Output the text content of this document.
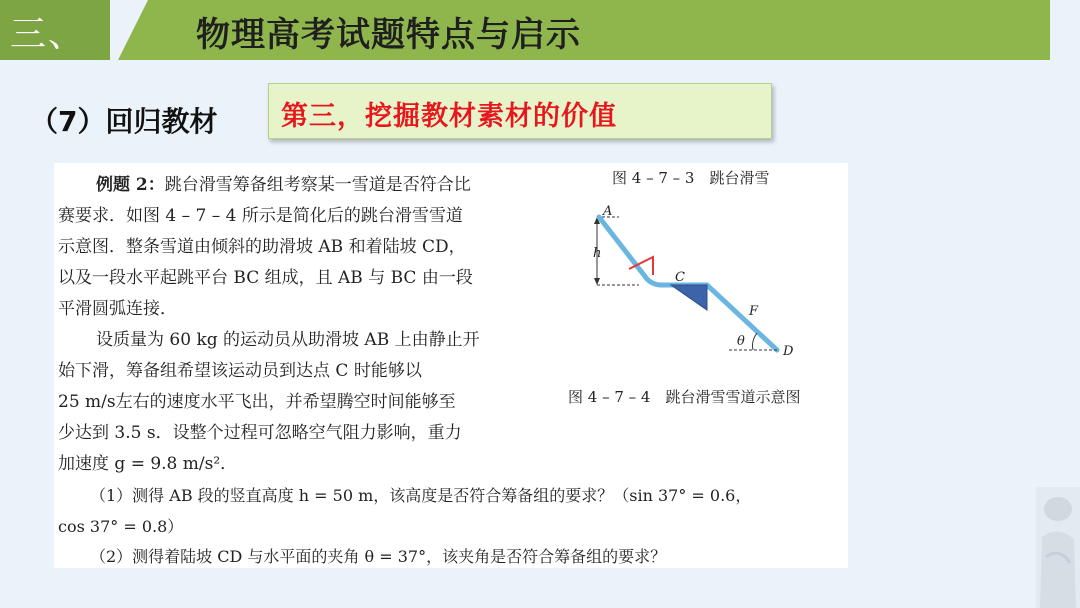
三、	物理高考试题特点与启示
（7）回归教材 第三，挖掘教材素材的价值

例题 2：跳台滑雪筹备组考察某一雪道是否符合比

赛要求．如图 4 – 7 – 4 所示是简化后的跳台滑雪雪道

示意图．整条雪道由倾斜的助滑坡 AB 和着陆坡 CD，

以及一段水平起跳平台 BC 组成，且 AB 与 BC 由一段

平滑圆弧连接．

设质量为 60 kg 的运动员从助滑坡 AB 上由静止开

始下滑，筹备组希望该运动员到达点 C 时能够以

25 m/s左右的速度水平飞出，并希望腾空时间能够至

少达到 3.5 s．设整个过程可忽略空气阻力影响，重力

加速度 g = 9.8 m/s²．

（1）测得 AB 段的竖直高度 h = 50 m，该高度是否符合筹备组的要求？（sin 37° = 0.6，

cos 37° = 0.8）

（2）测得着陆坡 CD 与水平面的夹角 θ = 37°，该夹角是否符合筹备组的要求？

图 4 – 7 – 3　跳台滑雪
h
A
C
F
θ
D
图 4 – 7 – 4　跳台滑雪雪道示意图
